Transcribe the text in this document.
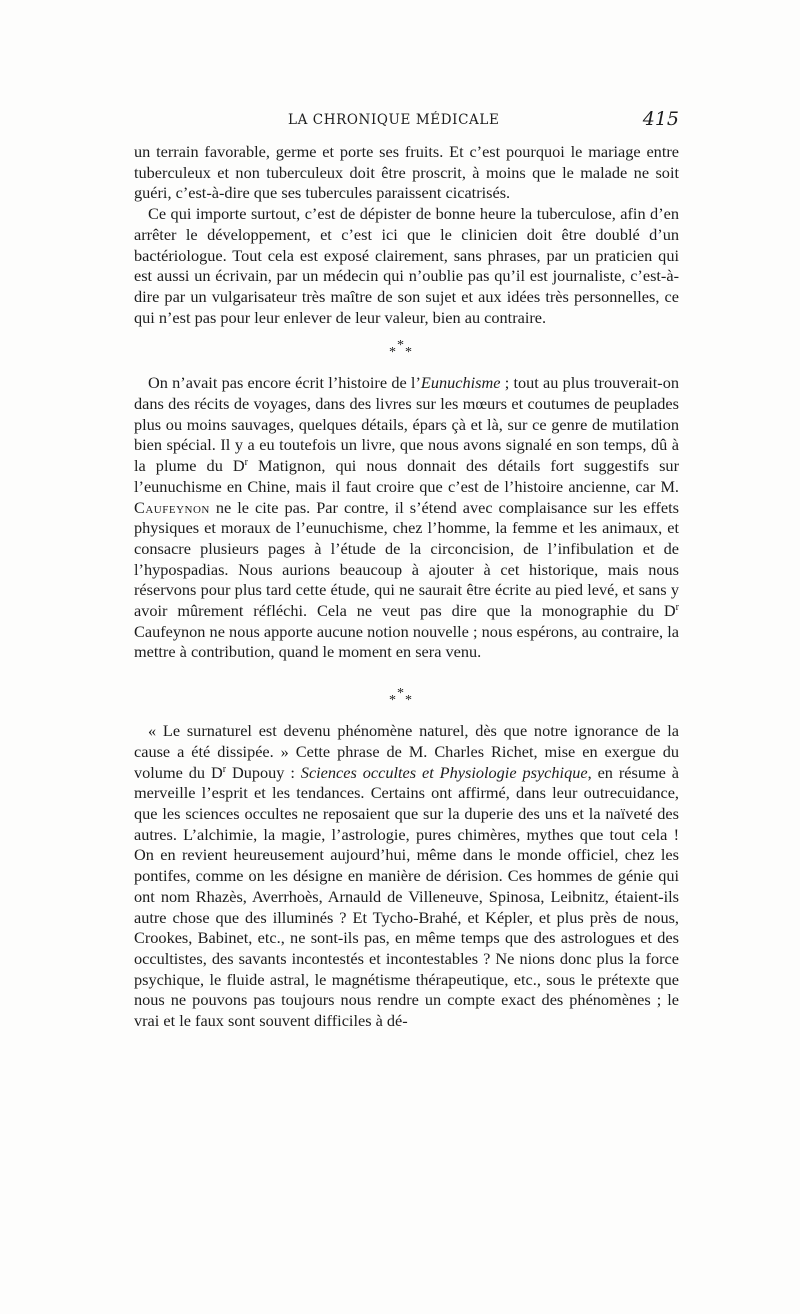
LA CHRONIQUE MÉDICALE	415

un terrain favorable, germe et porte ses fruits. Et c’est pourquoi le mariage entre tuberculeux et non tuberculeux doit être proscrit, à moins que le malade ne soit guéri, c’est-à-dire que ses tubercules paraissent cicatrisés.

Ce qui importe surtout, c’est de dépister de bonne heure la tuberculose, afin d’en arrêter le développement, et c’est ici que le clinicien doit être doublé d’un bactériologue. Tout cela est exposé clairement, sans phrases, par un praticien qui est aussi un écrivain, par un médecin qui n’oublie pas qu’il est journaliste, c’est-à-dire par un vulgarisateur très maître de son sujet et aux idées très personnelles, ce qui n’est pas pour leur enlever de leur valeur, bien au contraire.

*
* *

On n’avait pas encore écrit l’histoire de l’Eunuchisme ; tout au plus trouverait-on dans des récits de voyages, dans des livres sur les mœurs et coutumes de peuplades plus ou moins sauvages, quelques détails, épars çà et là, sur ce genre de mutilation bien spécial. Il y a eu toutefois un livre, que nous avons signalé en son temps, dû à la plume du $D^r$ Matignon, qui nous donnait des détails fort suggestifs sur l’eunuchisme en Chine, mais il faut croire que c’est de l’histoire ancienne, car M. Caufeynon ne le cite pas. Par contre, il s’étend avec complaisance sur les effets physiques et moraux de l’eunuchisme, chez l’homme, la femme et les animaux, et consacre plusieurs pages à l’étude de la circoncision, de l’infibulation et de l’hypospadias. Nous aurions beaucoup à ajouter à cet historique, mais nous réservons pour plus tard cette étude, qui ne saurait être écrite au pied levé, et sans y avoir mûrement réfléchi. Cela ne veut pas dire que la monographie du $D^r$ Caufeynon ne nous apporte aucune notion nouvelle ; nous espérons, au contraire, la mettre à contribution, quand le moment en sera venu.

*
* *

« Le surnaturel est devenu phénomène naturel, dès que notre ignorance de la cause a été dissipée. » Cette phrase de M. Charles Richet, mise en exergue du volume du $D^r$ Dupouy : Sciences occultes et Physiologie psychique, en résume à merveille l’esprit et les tendances. Certains ont affirmé, dans leur outrecuidance, que les sciences occultes ne reposaient que sur la duperie des uns et la naïveté des autres. L’alchimie, la magie, l’astrologie, pures chimères, mythes que tout cela ! On en revient heureusement aujourd’hui, même dans le monde officiel, chez les pontifes, comme on les désigne en manière de dérision. Ces hommes de génie qui ont nom Rhazès, Averrhoès, Arnauld de Villeneuve, Spinosa, Leibnitz, étaient-ils autre chose que des illuminés ? Et Tycho-Brahé, et Képler, et plus près de nous, Crookes, Babinet, etc., ne sont-ils pas, en même temps que des astrologues et des occultistes, des savants incontestés et incontestables ? Ne nions donc plus la force psychique, le fluide astral, le magnétisme thérapeutique, etc., sous le prétexte que nous ne pouvons pas toujours nous rendre un compte exact des phénomènes ; le vrai et le faux sont souvent difficiles à dé-
